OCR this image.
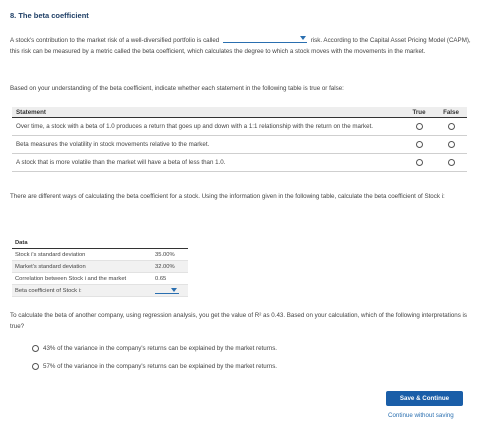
8. The beta coefficient
A stock's contribution to the market risk of a well-diversified portfolio is called	risk. According to the Capital Asset Pricing Model (CAPM), this risk can be measured by a metric called the beta coefficient, which calculates the degree to which a stock moves with the movements in the market.
Based on your understanding of the beta coefficient, indicate whether each statement in the following table is true or false:
Statement	True	False
Over time, a stock with a beta of 1.0 produces a return that goes up and down with a 1:1 relationship with the return on the market.		
Beta measures the volatility in stock movements relative to the market.		
A stock that is more volatile than the market will have a beta of less than 1.0.		
There are different ways of calculating the beta coefficient for a stock. Using the information given in the following table, calculate the beta coefficient of Stock i:
Data	
Stock i's standard deviation	35.00%
Market's standard deviation	32.00%
Correlation between Stock i and the market	0.65
Beta coefficient of Stock i:	
To calculate the beta of another company, using regression analysis, you get the value of R² as 0.43. Based on your calculation, which of the following interpretations is true?
43% of the variance in the company's returns can be explained by the market returns.
57% of the variance in the company's returns can be explained by the market returns.
Save & Continue
Continue without saving
